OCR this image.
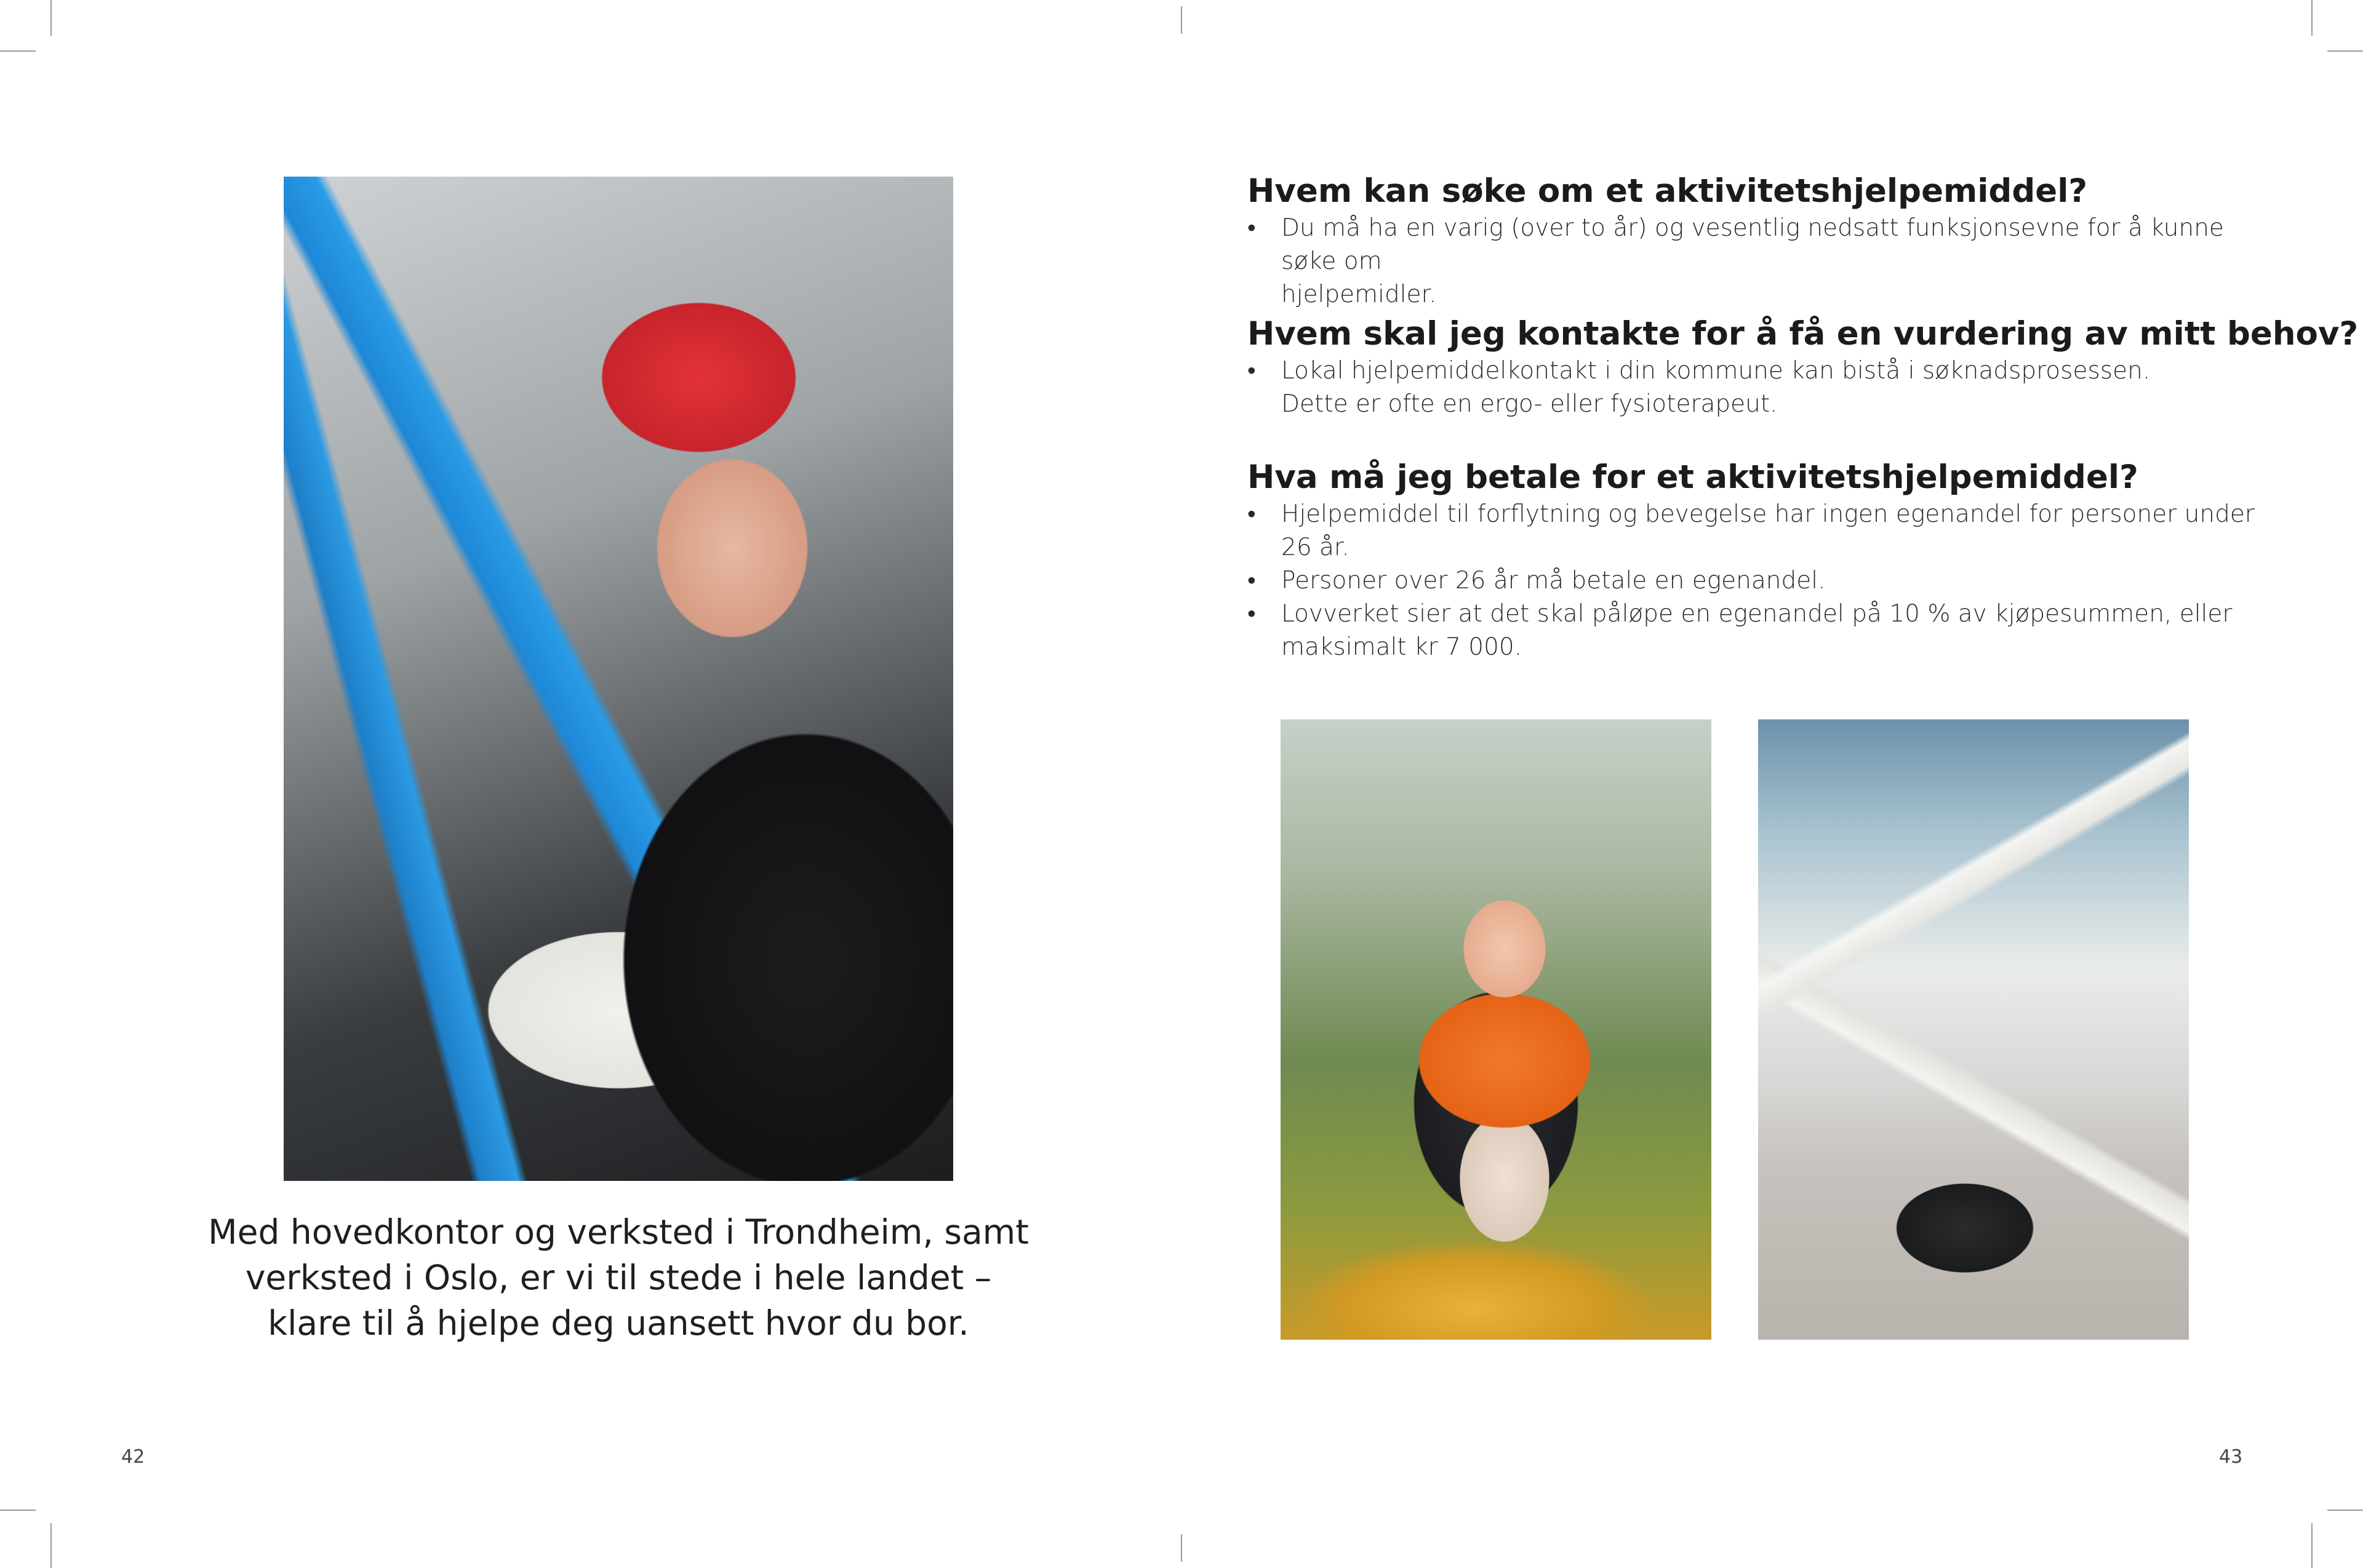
Med hovedkontor og verksted i Trondheim, samt verksted i Oslo, er vi til stede i hele landet – klare til å hjelpe deg uansett hvor du bor.

42
Hvem kan søke om et aktivitetshjelpemiddel?
• Du må ha en varig (over to år) og vesentlig nedsatt funksjonsevne for å kunne søke om
hjelpemidler.
Hvem skal jeg kontakte for å få en vurdering av mitt behov?
• Lokal hjelpemiddelkontakt i din kommune kan bistå i søknadsprosessen.
Dette er ofte en ergo- eller fysioterapeut.
Hva må jeg betale for et aktivitetshjelpemiddel?
• Hjelpemiddel til forflytning og bevegelse har ingen egenandel for personer under 26 år.
• Personer over 26 år må betale en egenandel.
• Lovverket sier at det skal påløpe en egenandel på 10 % av kjøpesummen, eller
maksimalt kr 7 000.
43
